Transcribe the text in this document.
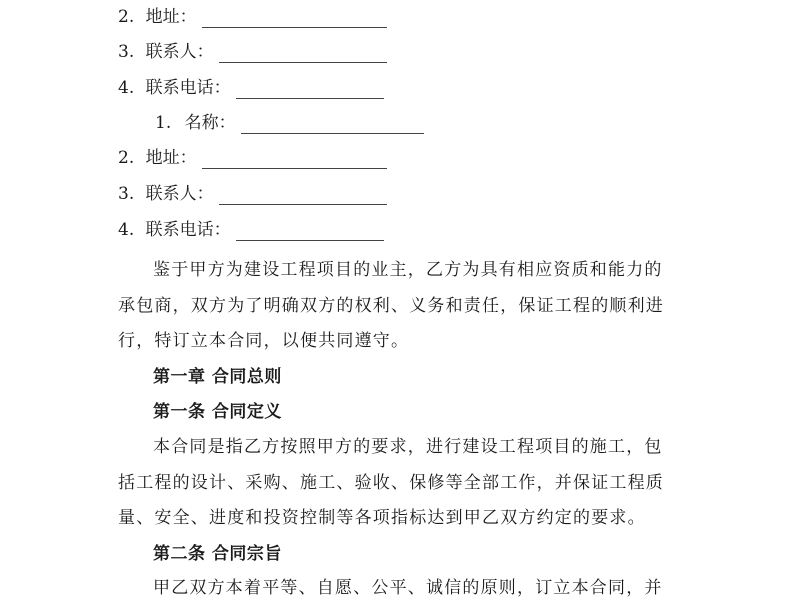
2. 地址：
3. 联系人：
4. 联系电话：
1. 名称：
2. 地址：
3. 联系人：
4. 联系电话：
鉴于甲方为建设工程项目的业主，乙方为具有相应资质和能力的
承包商，双方为了明确双方的权利、义务和责任，保证工程的顺利进
行，特订立本合同，以便共同遵守。
第一章 合同总则
第一条 合同定义
本合同是指乙方按照甲方的要求，进行建设工程项目的施工，包
括工程的设计、采购、施工、验收、保修等全部工作，并保证工程质
量、安全、进度和投资控制等各项指标达到甲乙双方约定的要求。
第二条 合同宗旨
甲乙双方本着平等、自愿、公平、诚信的原则，订立本合同，并
